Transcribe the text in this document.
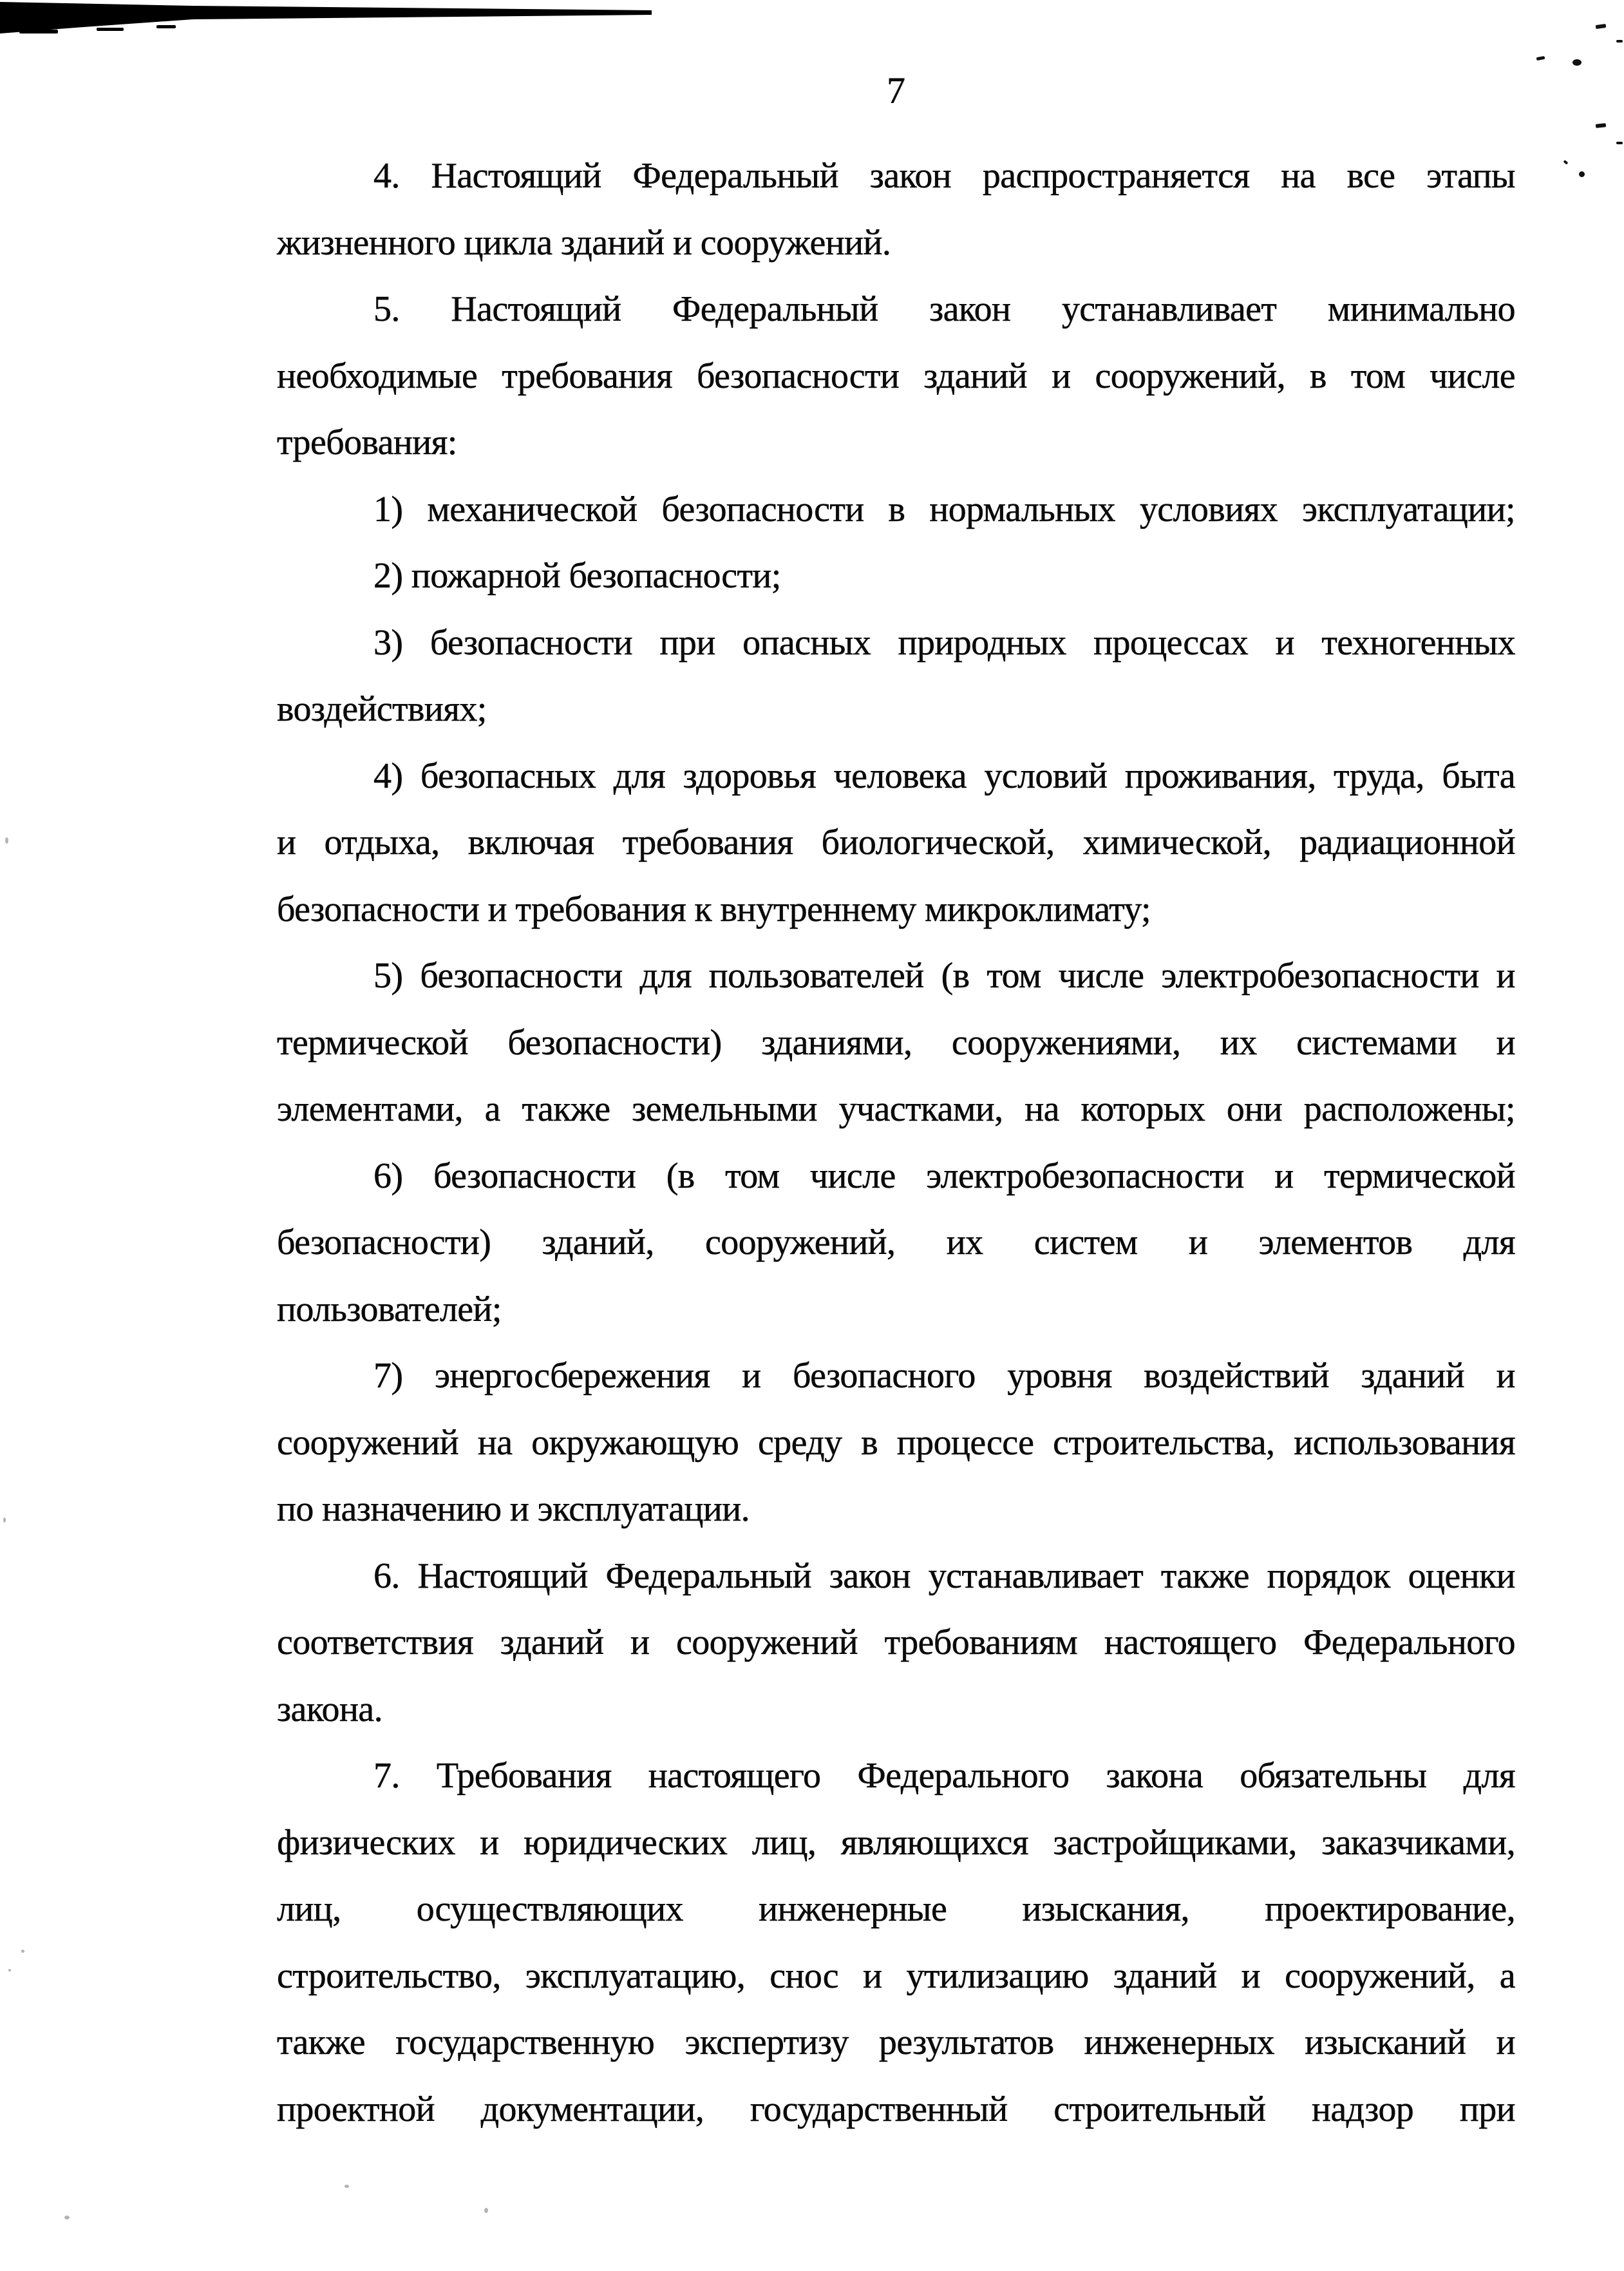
7
4. Настоящий Федеральный закон распространяется на все этапы
жизненного цикла зданий и сооружений.
5. Настоящий Федеральный закон устанавливает минимально
необходимые требования безопасности зданий и сооружений, в том числе
требования:
1) механической безопасности в нормальных условиях эксплуатации;
2) пожарной безопасности;
3) безопасности при опасных природных процессах и техногенных
воздействиях;
4) безопасных для здоровья человека условий проживания, труда, быта
и отдыха, включая требования биологической, химической, радиационной
безопасности и требования к внутреннему микроклимату;
5) безопасности для пользователей (в том числе электробезопасности и
термической безопасности) зданиями, сооружениями, их системами и
элементами, а также земельными участками, на которых они расположены;
6) безопасности (в том числе электробезопасности и термической
безопасности) зданий, сооружений, их систем и элементов для
пользователей;
7) энергосбережения и безопасного уровня воздействий зданий и
сооружений на окружающую среду в процессе строительства, использования
по назначению и эксплуатации.
6. Настоящий Федеральный закон устанавливает также порядок оценки
соответствия зданий и сооружений требованиям настоящего Федерального
закона.
7. Требования настоящего Федерального закона обязательны для
физических и юридических лиц, являющихся застройщиками, заказчиками,
лиц, осуществляющих инженерные изыскания, проектирование,
строительство, эксплуатацию, снос и утилизацию зданий и сооружений, а
также государственную экспертизу результатов инженерных изысканий и
проектной документации, государственный строительный надзор при
